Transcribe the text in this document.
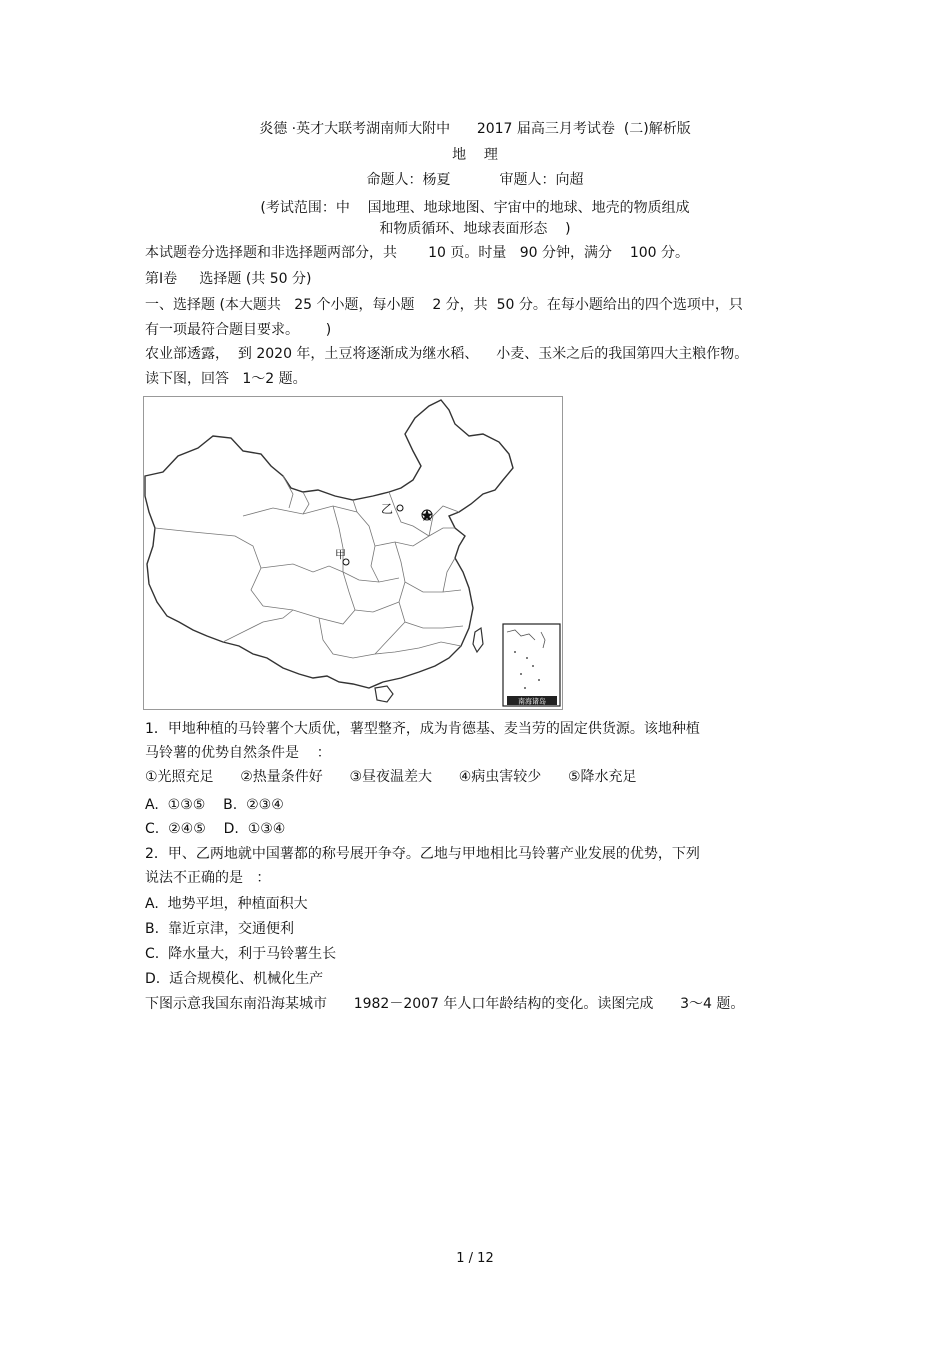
炎德 ·英才大联考湖南师大附中      2017 届高三月考试卷  (二)解析版
地    理
命题人：杨夏           审题人：向超
(考试范围：中    国地理、地球地图、宇宙中的地球、地壳的物质组成
和物质循环、地球表面形态    )
本试题卷分选择题和非选择题两部分，共       10 页。时量   90 分钟，满分    100 分。
第Ⅰ卷     选择题 (共 50 分)
一、选择题 (本大题共   25 个小题，每小题    2 分，共  50 分。在每小题给出的四个选项中，只
有一项最符合题目要求。      )
农业部透露，  到 2020 年，土豆将逐渐成为继水稻、    小麦、玉米之后的我国第四大主粮作物。
读下图，回答   1～2 题。
乙
甲
南海诸岛
1．甲地种植的马铃薯个大质优，薯型整齐，成为肯德基、麦当劳的固定供货源。该地种植
马铃薯的优势自然条件是    ：
①光照充足      ②热量条件好      ③昼夜温差大      ④病虫害较少      ⑤降水充足
A.  ①③⑤    B.  ②③④
C.  ②④⑤    D.  ①③④
2．甲、乙两地就中国薯都的称号展开争夺。乙地与甲地相比马铃薯产业发展的优势，下列
说法不正确的是   ：
A.  地势平坦，种植面积大
B.  靠近京津，交通便利
C.  降水量大，利于马铃薯生长
D.  适合规模化、机械化生产
下图示意我国东南沿海某城市      1982－2007 年人口年龄结构的变化。读图完成      3～4 题。
1 / 12
